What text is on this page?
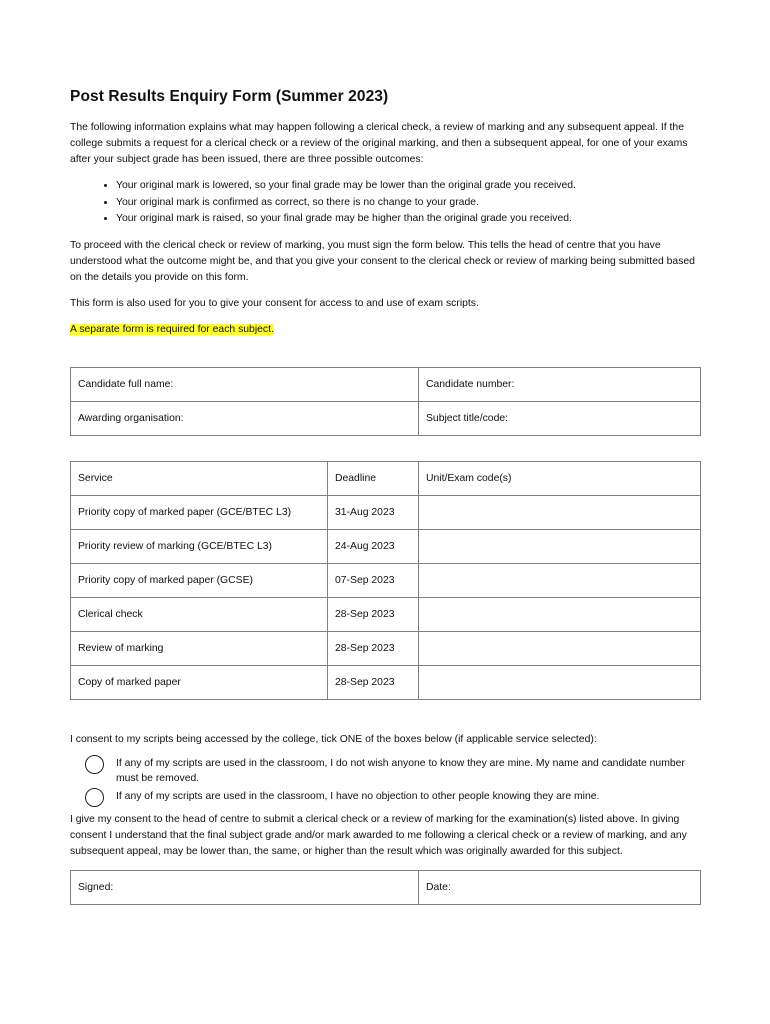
Post Results Enquiry Form (Summer 2023)

The following information explains what may happen following a clerical check, a review of marking and any subsequent appeal. If the college submits a request for a clerical check or a review of the original marking, and then a subsequent appeal, for one of your exams after your subject grade has been issued, there are three possible outcomes:

• Your original mark is lowered, so your final grade may be lower than the original grade you received.
• Your original mark is confirmed as correct, so there is no change to your grade.
• Your original mark is raised, so your final grade may be higher than the original grade you received.

To proceed with the clerical check or review of marking, you must sign the form below. This tells the head of centre that you have understood what the outcome might be, and that you give your consent to the clerical check or review of marking being submitted based on the details you provide on this form.

This form is also used for you to give your consent for access to and use of exam scripts.

A separate form is required for each subject.

Candidate full name:	Candidate number:
Awarding organisation:	Subject title/code:
Service	Deadline	Unit/Exam code(s)
Priority copy of marked paper (GCE/BTEC L3)	31-Aug 2023	
Priority review of marking (GCE/BTEC L3)	24-Aug 2023	
Priority copy of marked paper (GCSE)	07-Sep 2023	
Clerical check	28-Sep 2023	
Review of marking	28-Sep 2023	
Copy of marked paper	28-Sep 2023	

I consent to my scripts being accessed by the college, tick ONE of the boxes below (if applicable service selected):

If any of my scripts are used in the classroom, I do not wish anyone to know they are mine. My name and candidate number must be removed.
If any of my scripts are used in the classroom, I have no objection to other people knowing they are mine.

I give my consent to the head of centre to submit a clerical check or a review of marking for the examination(s) listed above. In giving consent I understand that the final subject grade and/or mark awarded to me following a clerical check or a review of marking, and any subsequent appeal, may be lower than, the same, or higher than the result which was originally awarded for this subject.

Signed:	Date:
